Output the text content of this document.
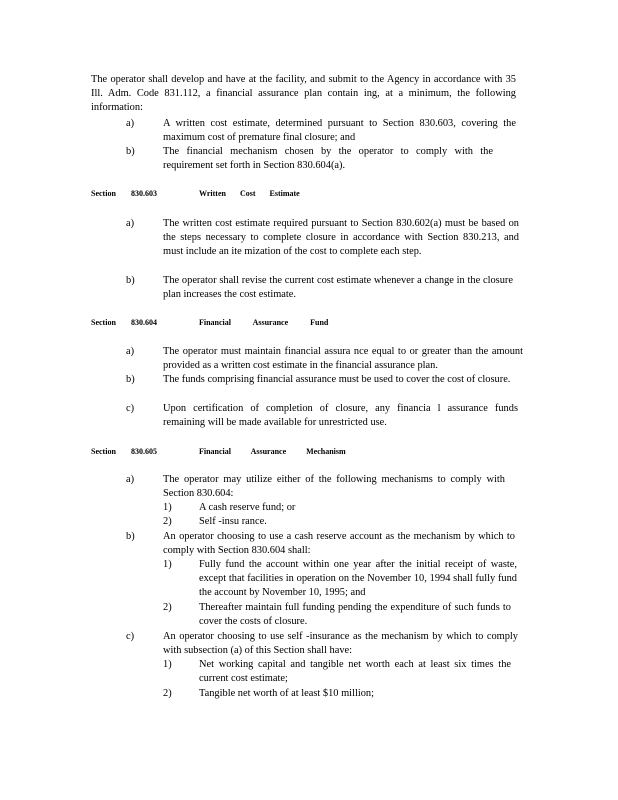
The operator shall develop and have at the facility, and submit to the Agency in accordance with 35 Ill. Adm. Code 831.112, a financial assurance plan contain ing, at a minimum, the following information:
a)	A written cost estimate, determined pursuant to Section 830.603, covering the maximum cost of premature final closure; and
b)	The financial mechanism chosen by the operator to comply with the requirement set forth in Section 830.604(a).
Section 830.603	Written Cost Estimate
a)	The written cost estimate required pursuant to Section 830.602(a) must be based on the steps necessary to complete closure in accordance with Section 830.213, and must include an ite mization of the cost to complete each step.
b)	The operator shall revise the current cost estimate whenever a change in the closure plan increases the cost estimate.
Section 830.604	Financial Assurance Fund
a)	The operator must maintain financial assura nce equal to or greater than the amount provided as a written cost estimate in the financial assurance plan.
b)	The funds comprising financial assurance must be used to cover the cost of closure.
c)	Upon certification of completion of closure, any financia l assurance funds remaining will be made available for unrestricted use.
Section 830.605	Financial Assurance Mechanism
a)	The operator may utilize either of the following mechanisms to comply with Section 830.604:
1)	A cash reserve fund; or
2)	Self -insu rance.
b)	An operator choosing to use a cash reserve account as the mechanism by which to comply with Section 830.604 shall:
1)	Fully fund the account within one year after the initial receipt of waste, except that facilities in operation on the November 10, 1994 shall fully fund the account by November 10, 1995; and
2)	Thereafter maintain full funding pending the expenditure of such funds to cover the costs of closure.
c)	An operator choosing to use self -insurance as the mechanism by which to comply with subsection (a) of this Section shall have:
1)	Net working capital and tangible net worth each at least six times the current cost estimate;
2)	Tangible net worth of at least $10 million;
